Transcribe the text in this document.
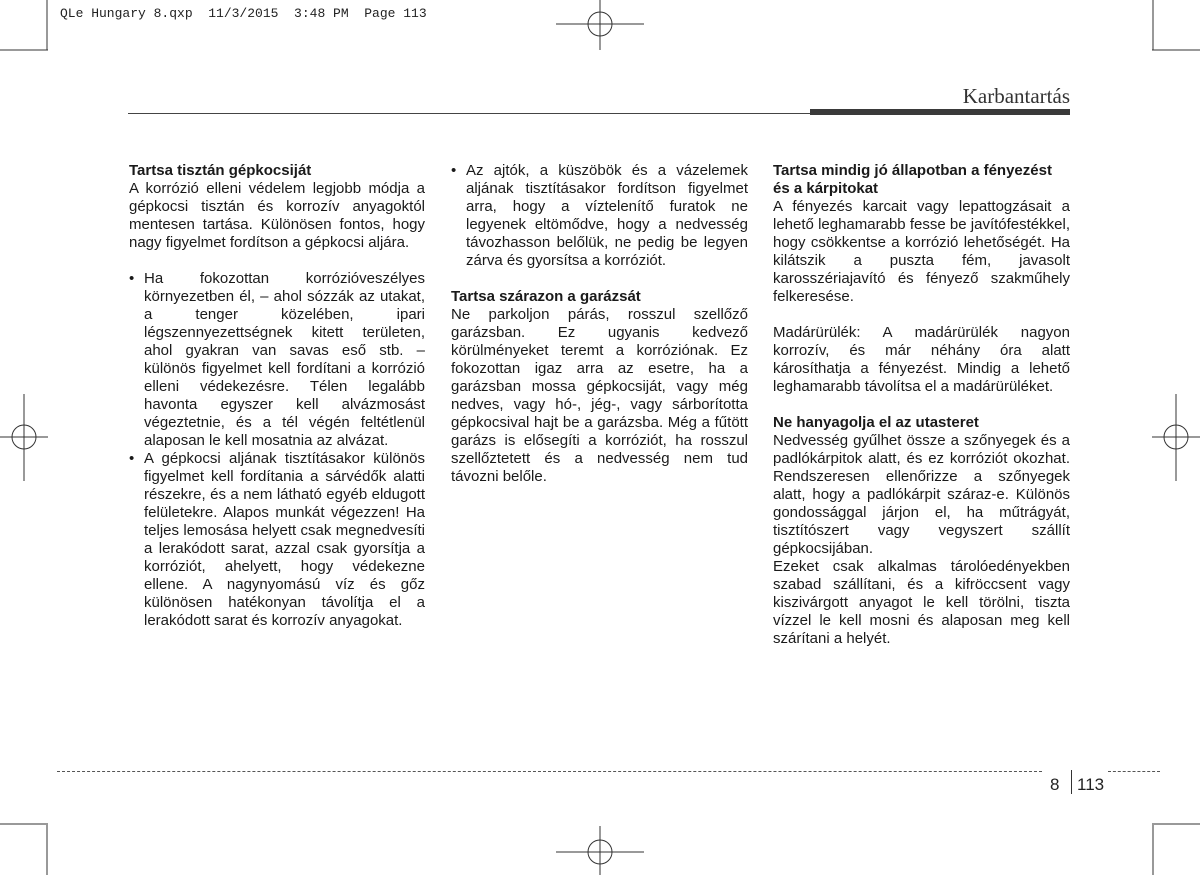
QLe Hungary 8.qxp  11/3/2015  3:48 PM  Page 113
Karbantartás
Tartsa tisztán gépkocsiját

A korrózió elleni védelem legjobb módja a gépkocsi tisztán és korrozív anyagoktól mentesen tartása. Különösen fontos, hogy nagy figyelmet fordítson a gépkocsi aljára.

• Ha fokozottan korrózióveszélyes környezetben él, – ahol sózzák az utakat, a tenger közelében, ipari légszennyezettségnek kitett területen, ahol gyakran van savas eső stb. – különös figyelmet kell fordítani a korrózió elleni védekezésre. Télen legalább havonta egyszer kell alvázmosást végeztetnie, és a tél végén feltétlenül alaposan le kell mosatnia az alvázat.
• A gépkocsi aljának tisztításakor különös figyelmet kell fordítania a sárvédők alatti részekre, és a nem látható egyéb eldugott felületekre. Alapos munkát végezzen! Ha teljes lemosása helyett csak megnedvesíti a lerakódott sarat, azzal csak gyorsítja a korróziót, ahelyett, hogy védekezne ellene. A nagynyomású víz és gőz különösen hatékonyan távolítja el a lerakódott sarat és korrozív anyagokat.
• Az ajtók, a küszöbök és a vázelemek aljának tisztításakor fordítson figyelmet arra, hogy a víztelenítő furatok ne legyenek eltömődve, hogy a nedvesség távozhasson belőlük, ne pedig be legyen zárva és gyorsítsa a korróziót.
Tartsa szárazon a garázsát

Ne parkoljon párás, rosszul szellőző garázsban. Ez ugyanis kedvező körülményeket teremt a korróziónak. Ez fokozottan igaz arra az esetre, ha a garázsban mossa gépkocsiját, vagy még nedves, vagy hó-, jég-, vagy sárborította gépkocsival hajt be a garázsba. Még a fűtött garázs is elősegíti a korróziót, ha rosszul szellőztetett és a nedvesség nem tud távozni belőle.

Tartsa mindig jó állapotban a fényezést és a kárpitokat

A fényezés karcait vagy lepattogzásait a lehető leghamarabb fesse be javítófestékkel, hogy csökkentse a korrózió lehetőségét. Ha kilátszik a puszta fém, javasolt karosszériajavító és fényező szakműhely felkeresése.

Madárürülék: A madárürülék nagyon korrozív, és már néhány óra alatt károsíthatja a fényezést. Mindig a lehető leghamarabb távolítsa el a madárürüléket.

Ne hanyagolja el az utasteret

Nedvesség gyűlhet össze a szőnyegek és a padlókárpitok alatt, és ez korróziót okozhat. Rendszeresen ellenőrizze a szőnyegek alatt, hogy a padlókárpit száraz-e. Különös gondossággal járjon el, ha műtrágyát, tisztítószert vagy vegyszert szállít gépkocsijában.

Ezeket csak alkalmas tárolóedényekben szabad szállítani, és a kifröccsent vagy kiszivárgott anyagot le kell törölni, tiszta vízzel le kell mosni és alaposan meg kell szárítani a helyét.

8 113
